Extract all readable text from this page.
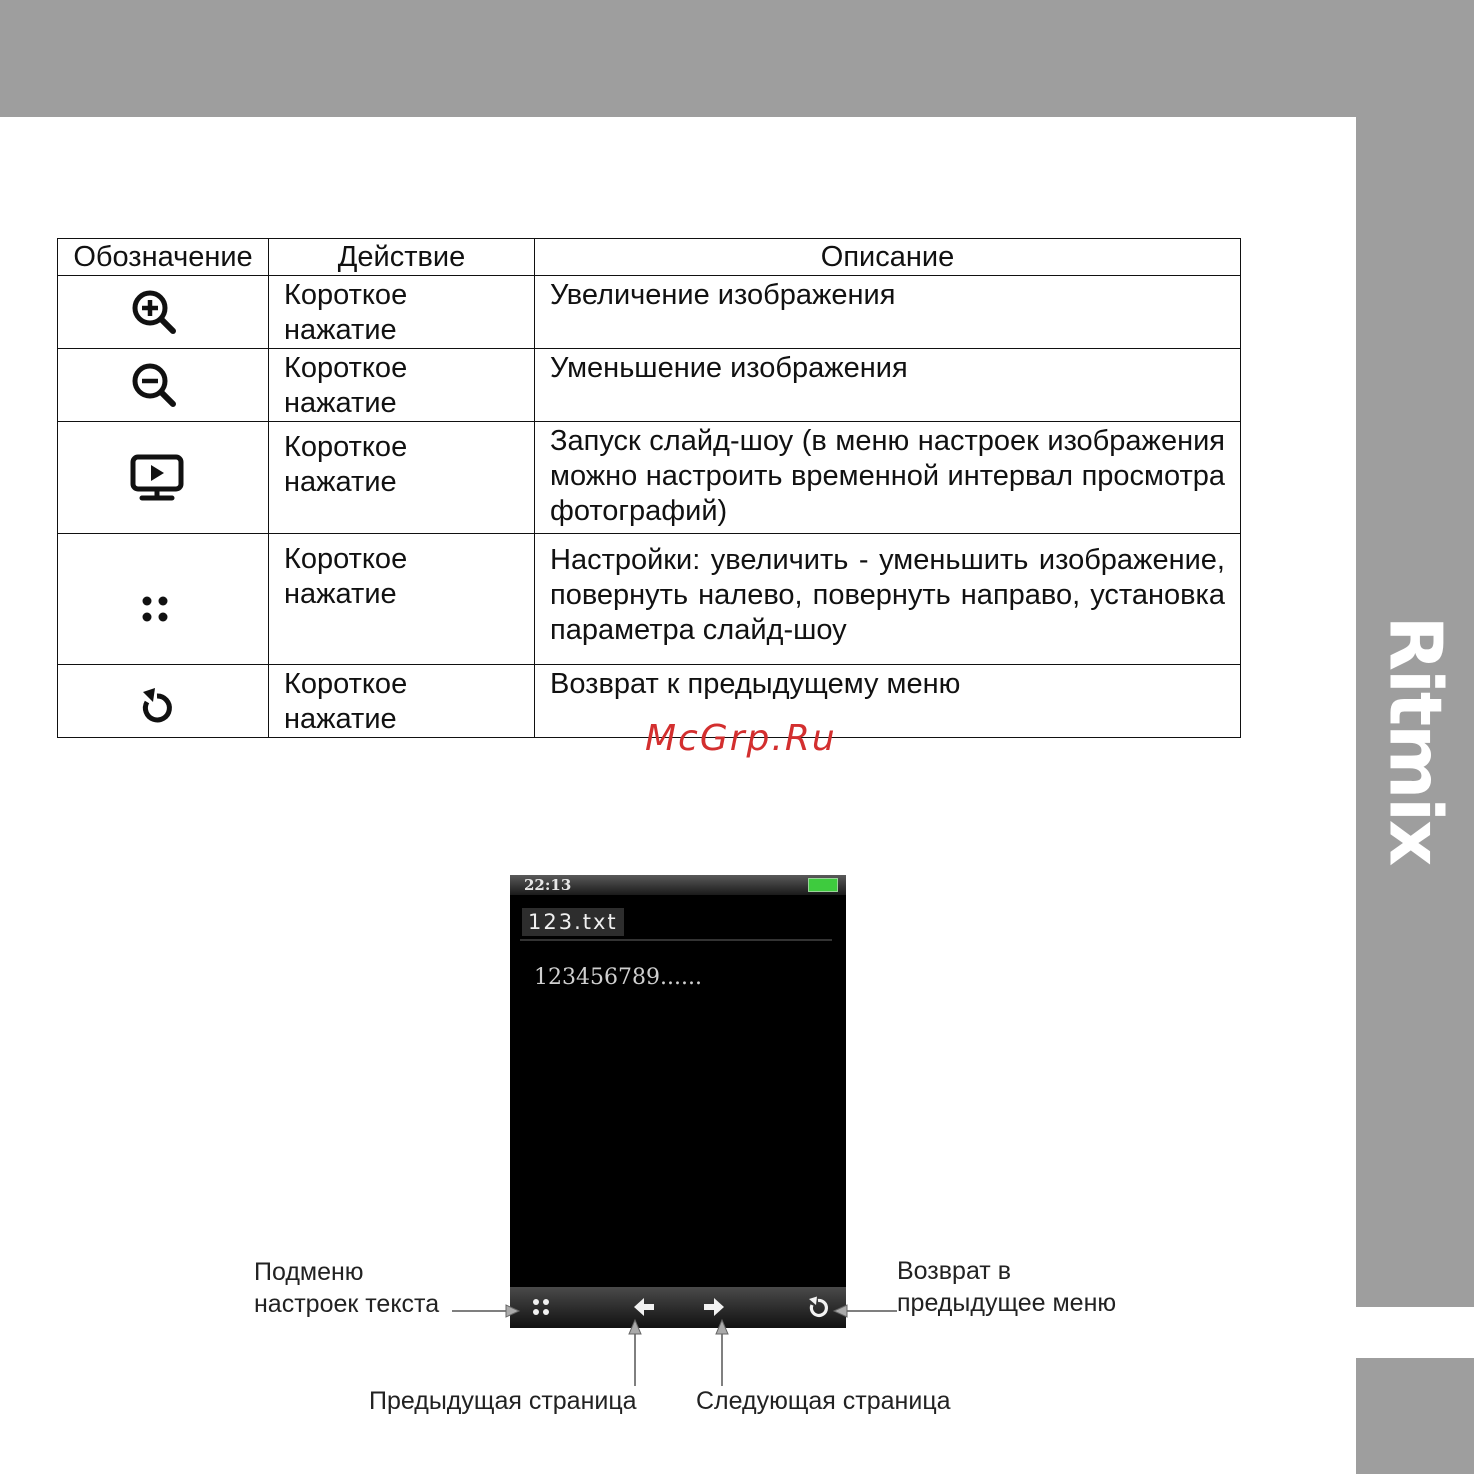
Ritmix
Обозначение	Действие	Описание
	Короткое нажатие	Увеличение изображения
	Короткое нажатие	Уменьшение изображения
	Короткое нажатие	Запуск слайд-шоу (в меню настроек изображения можно настроить временной интервал просмотра фотографий)
	Короткое нажатие	Настройки: увеличить - уменьшить изображение, повернуть налево, повернуть направо, установка параметра слайд-шоу
	Короткое нажатие	Возврат к предыдущему меню
McGrp.Ru
22:13
123.txt
123456789......
Подменю настроек текста
Возврат в предыдущее меню
Предыдущая страница Следующая страница
